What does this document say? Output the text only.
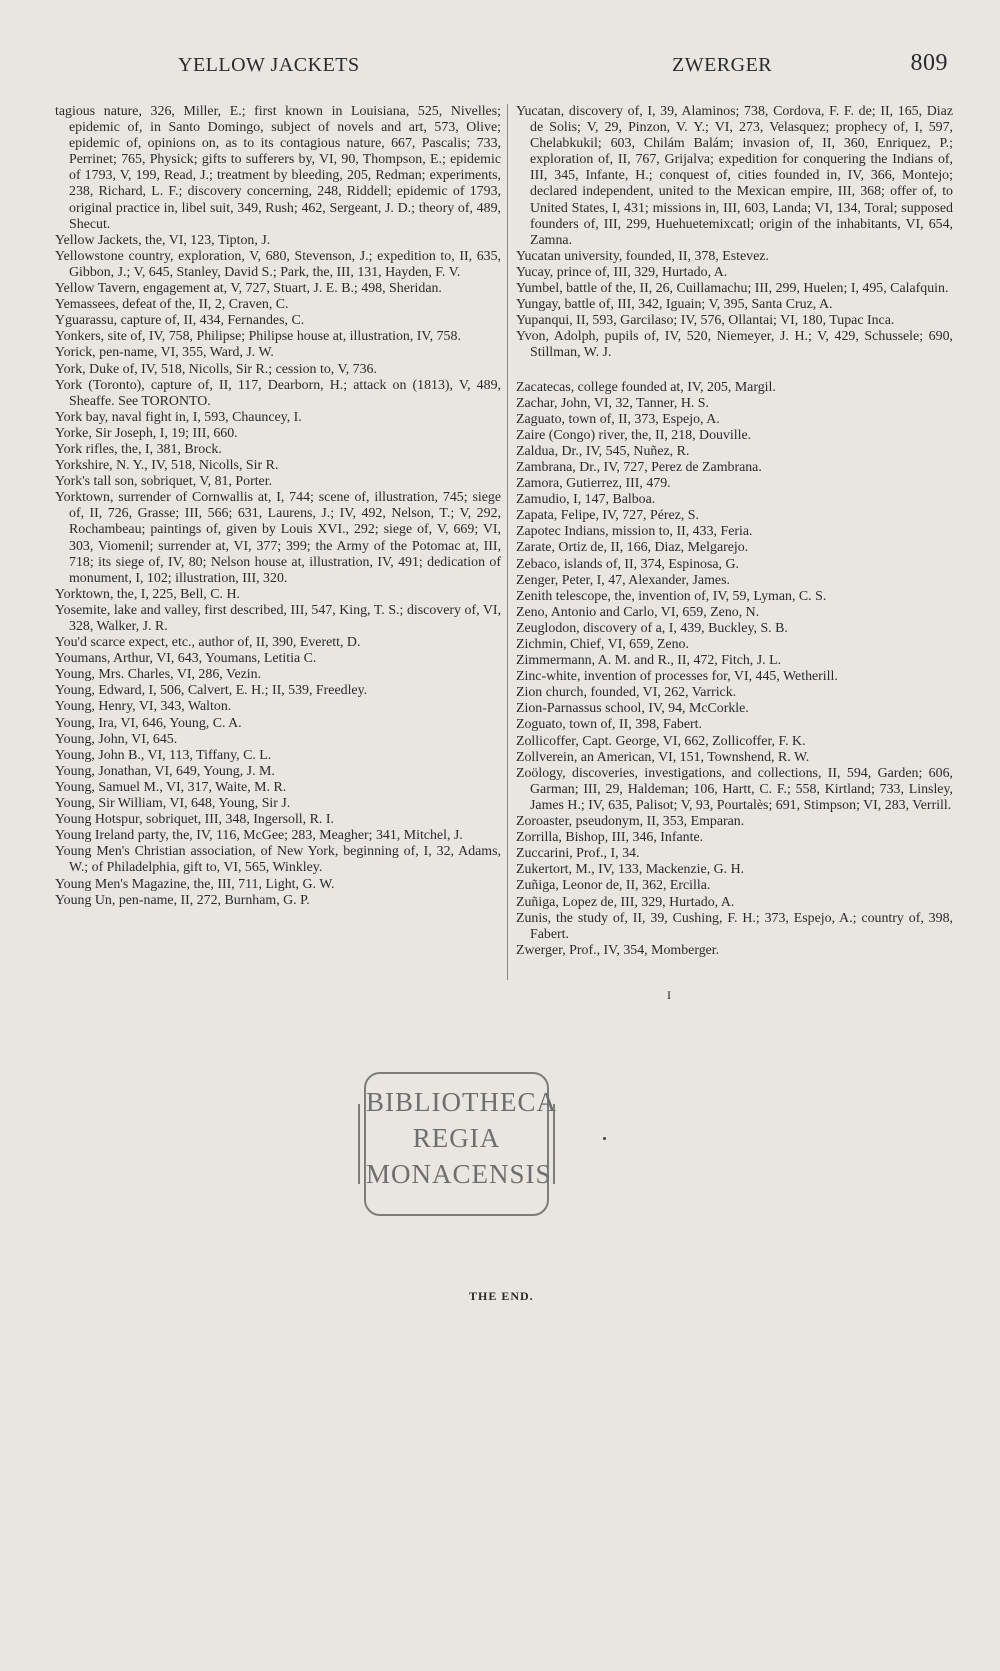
YELLOW JACKETS	ZWERGER	809
tagious nature, 326, Miller, E.; first known in Louisiana, 525, Nivelles; epidemic of, in Santo Domingo, subject of novels and art, 573, Olive; epidemic of, opinions on, as to its contagious nature, 667, Pascalis; 733, Perrinet; 765, Physick; gifts to sufferers by, VI, 90, Thompson, E.; epidemic of 1793, V, 199, Read, J.; treatment by bleeding, 205, Redman; experiments, 238, Richard, L. F.; discovery concerning, 248, Riddell; epidemic of 1793, original practice in, libel suit, 349, Rush; 462, Sergeant, J. D.; theory of, 489, Shecut.
Yellow Jackets, the, VI, 123, Tipton, J.
Yellowstone country, exploration, V, 680, Stevenson, J.; expedition to, II, 635, Gibbon, J.; V, 645, Stanley, David S.; Park, the, III, 131, Hayden, F. V.
Yellow Tavern, engagement at, V, 727, Stuart, J. E. B.; 498, Sheridan.
Yemassees, defeat of the, II, 2, Craven, C.
Yguarassu, capture of, II, 434, Fernandes, C.
Yonkers, site of, IV, 758, Philipse; Philipse house at, illustration, IV, 758.
Yorick, pen-name, VI, 355, Ward, J. W.
York, Duke of, IV, 518, Nicolls, Sir R.; cession to, V, 736.
York (Toronto), capture of, II, 117, Dearborn, H.; attack on (1813), V, 489, Sheaffe. See TORONTO.
York bay, naval fight in, I, 593, Chauncey, I.
Yorke, Sir Joseph, I, 19; III, 660.
York rifles, the, I, 381, Brock.
Yorkshire, N. Y., IV, 518, Nicolls, Sir R.
York's tall son, sobriquet, V, 81, Porter.
Yorktown, surrender of Cornwallis at, I, 744; scene of, illustration, 745; siege of, II, 726, Grasse; III, 566; 631, Laurens, J.; IV, 492, Nelson, T.; V, 292, Rochambeau; paintings of, given by Louis XVI., 292; siege of, V, 669; VI, 303, Viomenil; surrender at, VI, 377; 399; the Army of the Potomac at, III, 718; its siege of, IV, 80; Nelson house at, illustration, IV, 491; dedication of monument, I, 102; illustration, III, 320.
Yorktown, the, I, 225, Bell, C. H.
Yosemite, lake and valley, first described, III, 547, King, T. S.; discovery of, VI, 328, Walker, J. R.
You'd scarce expect, etc., author of, II, 390, Everett, D.
Youmans, Arthur, VI, 643, Youmans, Letitia C.
Young, Mrs. Charles, VI, 286, Vezin.
Young, Edward, I, 506, Calvert, E. H.; II, 539, Freedley.
Young, Henry, VI, 343, Walton.
Young, Ira, VI, 646, Young, C. A.
Young, John, VI, 645.
Young, John B., VI, 113, Tiffany, C. L.
Young, Jonathan, VI, 649, Young, J. M.
Young, Samuel M., VI, 317, Waite, M. R.
Young, Sir William, VI, 648, Young, Sir J.
Young Hotspur, sobriquet, III, 348, Ingersoll, R. I.
Young Ireland party, the, IV, 116, McGee; 283, Meagher; 341, Mitchel, J.
Young Men's Christian association, of New York, beginning of, I, 32, Adams, W.; of Philadelphia, gift to, VI, 565, Winkley.
Young Men's Magazine, the, III, 711, Light, G. W.
Young Un, pen-name, II, 272, Burnham, G. P.
Yucatan, discovery of, I, 39, Alaminos; 738, Cordova, F. F. de; II, 165, Diaz de Solis; V, 29, Pinzon, V. Y.; VI, 273, Velasquez; prophecy of, I, 597, Chelabkukil; 603, Chilám Balám; invasion of, II, 360, Enriquez, P.; exploration of, II, 767, Grijalva; expedition for conquering the Indians of, III, 345, Infante, H.; conquest of, cities founded in, IV, 366, Montejo; declared independent, united to the Mexican empire, III, 368; offer of, to United States, I, 431; missions in, III, 603, Landa; VI, 134, Toral; supposed founders of, III, 299, Huehuetemixcatl; origin of the inhabitants, VI, 654, Zamna.
Yucatan university, founded, II, 378, Estevez.
Yucay, prince of, III, 329, Hurtado, A.
Yumbel, battle of the, II, 26, Cuillamachu; III, 299, Huelen; I, 495, Calafquin.
Yungay, battle of, III, 342, Iguain; V, 395, Santa Cruz, A.
Yupanqui, II, 593, Garcilaso; IV, 576, Ollantai; VI, 180, Tupac Inca.
Yvon, Adolph, pupils of, IV, 520, Niemeyer, J. H.; V, 429, Schussele; 690, Stillman, W. J.
Zacatecas, college founded at, IV, 205, Margil.
Zachar, John, VI, 32, Tanner, H. S.
Zaguato, town of, II, 373, Espejo, A.
Zaire (Congo) river, the, II, 218, Douville.
Zaldua, Dr., IV, 545, Nuñez, R.
Zambrana, Dr., IV, 727, Perez de Zambrana.
Zamora, Gutierrez, III, 479.
Zamudio, I, 147, Balboa.
Zapata, Felipe, IV, 727, Pérez, S.
Zapotec Indians, mission to, II, 433, Feria.
Zarate, Ortiz de, II, 166, Diaz, Melgarejo.
Zebaco, islands of, II, 374, Espinosa, G.
Zenger, Peter, I, 47, Alexander, James.
Zenith telescope, the, invention of, IV, 59, Lyman, C. S.
Zeno, Antonio and Carlo, VI, 659, Zeno, N.
Zeuglodon, discovery of a, I, 439, Buckley, S. B.
Zichmin, Chief, VI, 659, Zeno.
Zimmermann, A. M. and R., II, 472, Fitch, J. L.
Zinc-white, invention of processes for, VI, 445, Wetherill.
Zion church, founded, VI, 262, Varrick.
Zion-Parnassus school, IV, 94, McCorkle.
Zoguato, town of, II, 398, Fabert.
Zollicoffer, Capt. George, VI, 662, Zollicoffer, F. K.
Zollverein, an American, VI, 151, Townshend, R. W.
Zoölogy, discoveries, investigations, and collections, II, 594, Garden; 606, Garman; III, 29, Haldeman; 106, Hartt, C. F.; 558, Kirtland; 733, Linsley, James H.; IV, 635, Palisot; V, 93, Pourtalès; 691, Stimpson; VI, 283, Verrill.
Zoroaster, pseudonym, II, 353, Emparan.
Zorrilla, Bishop, III, 346, Infante.
Zuccarini, Prof., I, 34.
Zukertort, M., IV, 133, Mackenzie, G. H.
Zuñiga, Leonor de, II, 362, Ercilla.
Zuñiga, Lopez de, III, 329, Hurtado, A.
Zunis, the study of, II, 39, Cushing, F. H.; 373, Espejo, A.; country of, 398, Fabert.
Zwerger, Prof., IV, 354, Momberger.
I
BIBLIOTHECA
REGIA
MONACENSIS
THE END.
